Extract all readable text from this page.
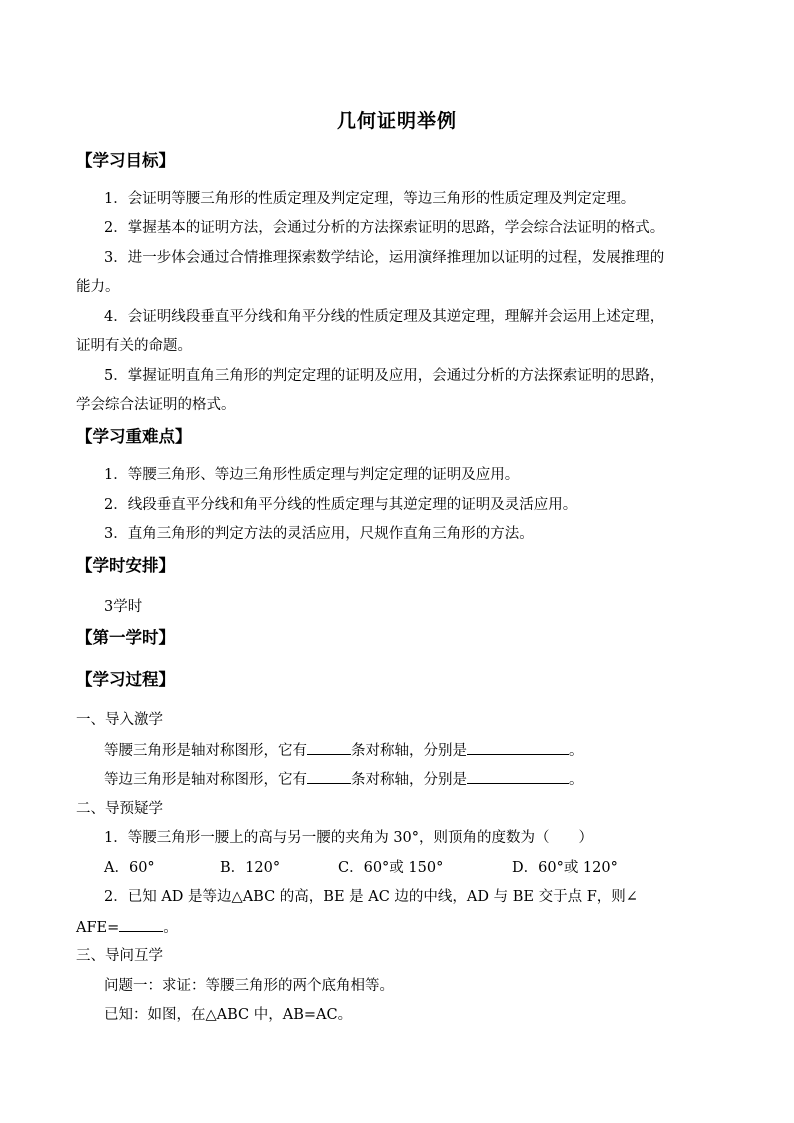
几何证明举例
【学习目标】
1．会证明等腰三角形的性质定理及判定定理，等边三角形的性质定理及判定定理。
2．掌握基本的证明方法，会通过分析的方法探索证明的思路，学会综合法证明的格式。
3．进一步体会通过合情推理探索数学结论，运用演绎推理加以证明的过程，发展推理的
能力。
4．会证明线段垂直平分线和角平分线的性质定理及其逆定理，理解并会运用上述定理，
证明有关的命题。
5．掌握证明直角三角形的判定定理的证明及应用，会通过分析的方法探索证明的思路，
学会综合法证明的格式。
【学习重难点】
1．等腰三角形、等边三角形性质定理与判定定理的证明及应用。
2．线段垂直平分线和角平分线的性质定理与其逆定理的证明及灵活应用。
3．直角三角形的判定方法的灵活应用，尺规作直角三角形的方法。
【学时安排】
3学时
【第一学时】
【学习过程】
一、导入激学
等腰三角形是轴对称图形，它有	条对称轴，分别是	。
等边三角形是轴对称图形，它有	条对称轴，分别是	。
二、导预疑学
1．等腰三角形一腰上的高与另一腰的夹角为 30°，则顶角的度数为（　　）
A．60°	B．120°	C．60°或 150°	D．60°或 120°
2．已知 AD 是等边△ABC 的高，BE 是 AC 边的中线，AD 与 BE 交于点 F，则∠
AFE=	。
三、导问互学
问题一：求证：等腰三角形的两个底角相等。
已知：如图，在△ABC 中，AB=AC。
